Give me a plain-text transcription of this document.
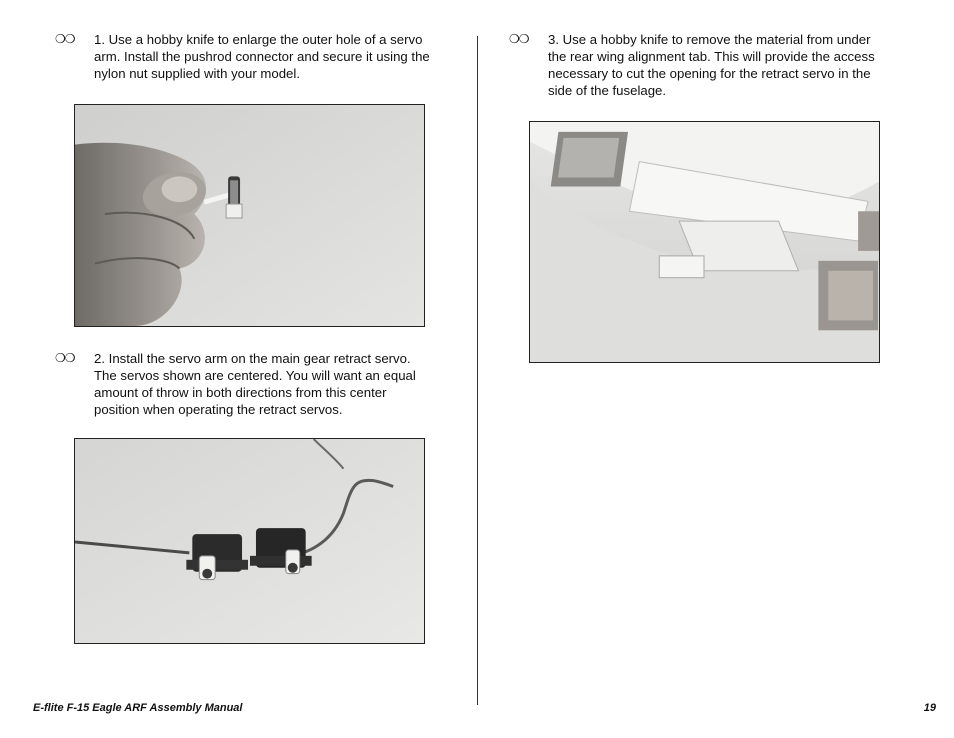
❍❍ 1. Use a hobby knife to enlarge the outer hole of a servo
arm. Install the pushrod connector and secure it using the
nylon nut supplied with your model.
❍❍ 2. Install the servo arm on the main gear retract servo.
The servos shown are centered. You will want an equal
amount of throw in both directions from this center
position when operating the retract servos.
❍❍ 3. Use a hobby knife to remove the material from under
the rear wing alignment tab. This will provide the access
necessary to cut the opening for the retract servo in the
side of the fuselage.
E-flite F-15 Eagle ARF Assembly Manual	19
